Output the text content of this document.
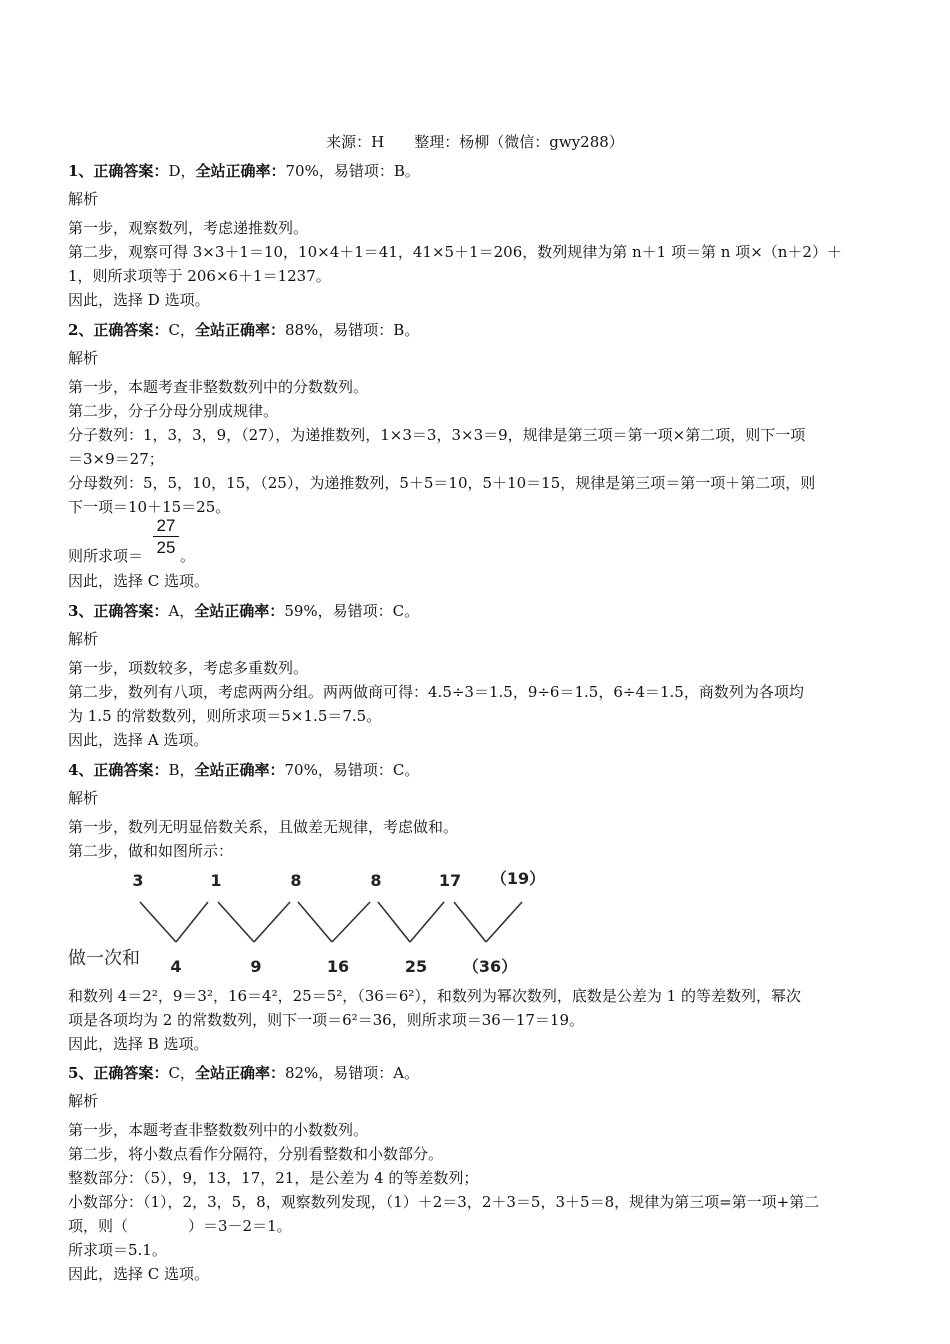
来源：H　　整理：杨柳（微信：gwy288）
1、正确答案：D，全站正确率：70%，易错项：B。
解析
第一步，观察数列，考虑递推数列。
第二步，观察可得 3×3＋1＝10，10×4＋1＝41，41×5＋1＝206，数列规律为第 n＋1 项＝第 n 项×（n＋2）＋
1，则所求项等于 206×6＋1＝1237。
因此，选择 D 选项。
2、正确答案：C，全站正确率：88%，易错项：B。
解析
第一步，本题考查非整数数列中的分数数列。
第二步，分子分母分别成规律。
分子数列：1，3，3，9，（27），为递推数列，1×3＝3，3×3＝9，规律是第三项＝第一项×第二项，则下一项
＝3×9＝27；
分母数列：5，5，10，15，（25），为递推数列，5＋5＝10，5＋10＝15，规律是第三项＝第一项＋第二项，则
下一项＝10＋15＝25。
则所求项＝
27
25 。
因此，选择 C 选项。
3、正确答案：A，全站正确率：59%，易错项：C。
解析
第一步，项数较多，考虑多重数列。
第二步，数列有八项，考虑两两分组。两两做商可得：4.5÷3＝1.5，9÷6＝1.5，6÷4＝1.5，商数列为各项均
为 1.5 的常数数列，则所求项＝5×1.5＝7.5。
因此，选择 A 选项。
4、正确答案：B，全站正确率：70%，易错项：C。
解析
第一步，数列无明显倍数关系，且做差无规律，考虑做和。
第二步，做和如图所示：
3	1	8	8	17 （19）
做一次和 4	9	16	25 （36）
和数列 4＝2²，9＝3²，16＝4²，25＝5²，（36＝6²），和数列为幂次数列，底数是公差为 1 的等差数列，幂次
项是各项均为 2 的常数数列，则下一项＝6²＝36，则所求项＝36－17＝19。
因此，选择 B 选项。
5、正确答案：C，全站正确率：82%，易错项：A。
解析
第一步，本题考查非整数数列中的小数数列。
第二步，将小数点看作分隔符，分别看整数和小数部分。
整数部分：（5），9，13，17，21，是公差为 4 的等差数列；
小数部分：（1），2，3，5，8，观察数列发现，（1）＋2＝3，2＋3＝5，3＋5＝8，规律为第三项=第一项+第二
项，则（　　　　）＝3－2＝1。
所求项＝5.1。
因此，选择 C 选项。
